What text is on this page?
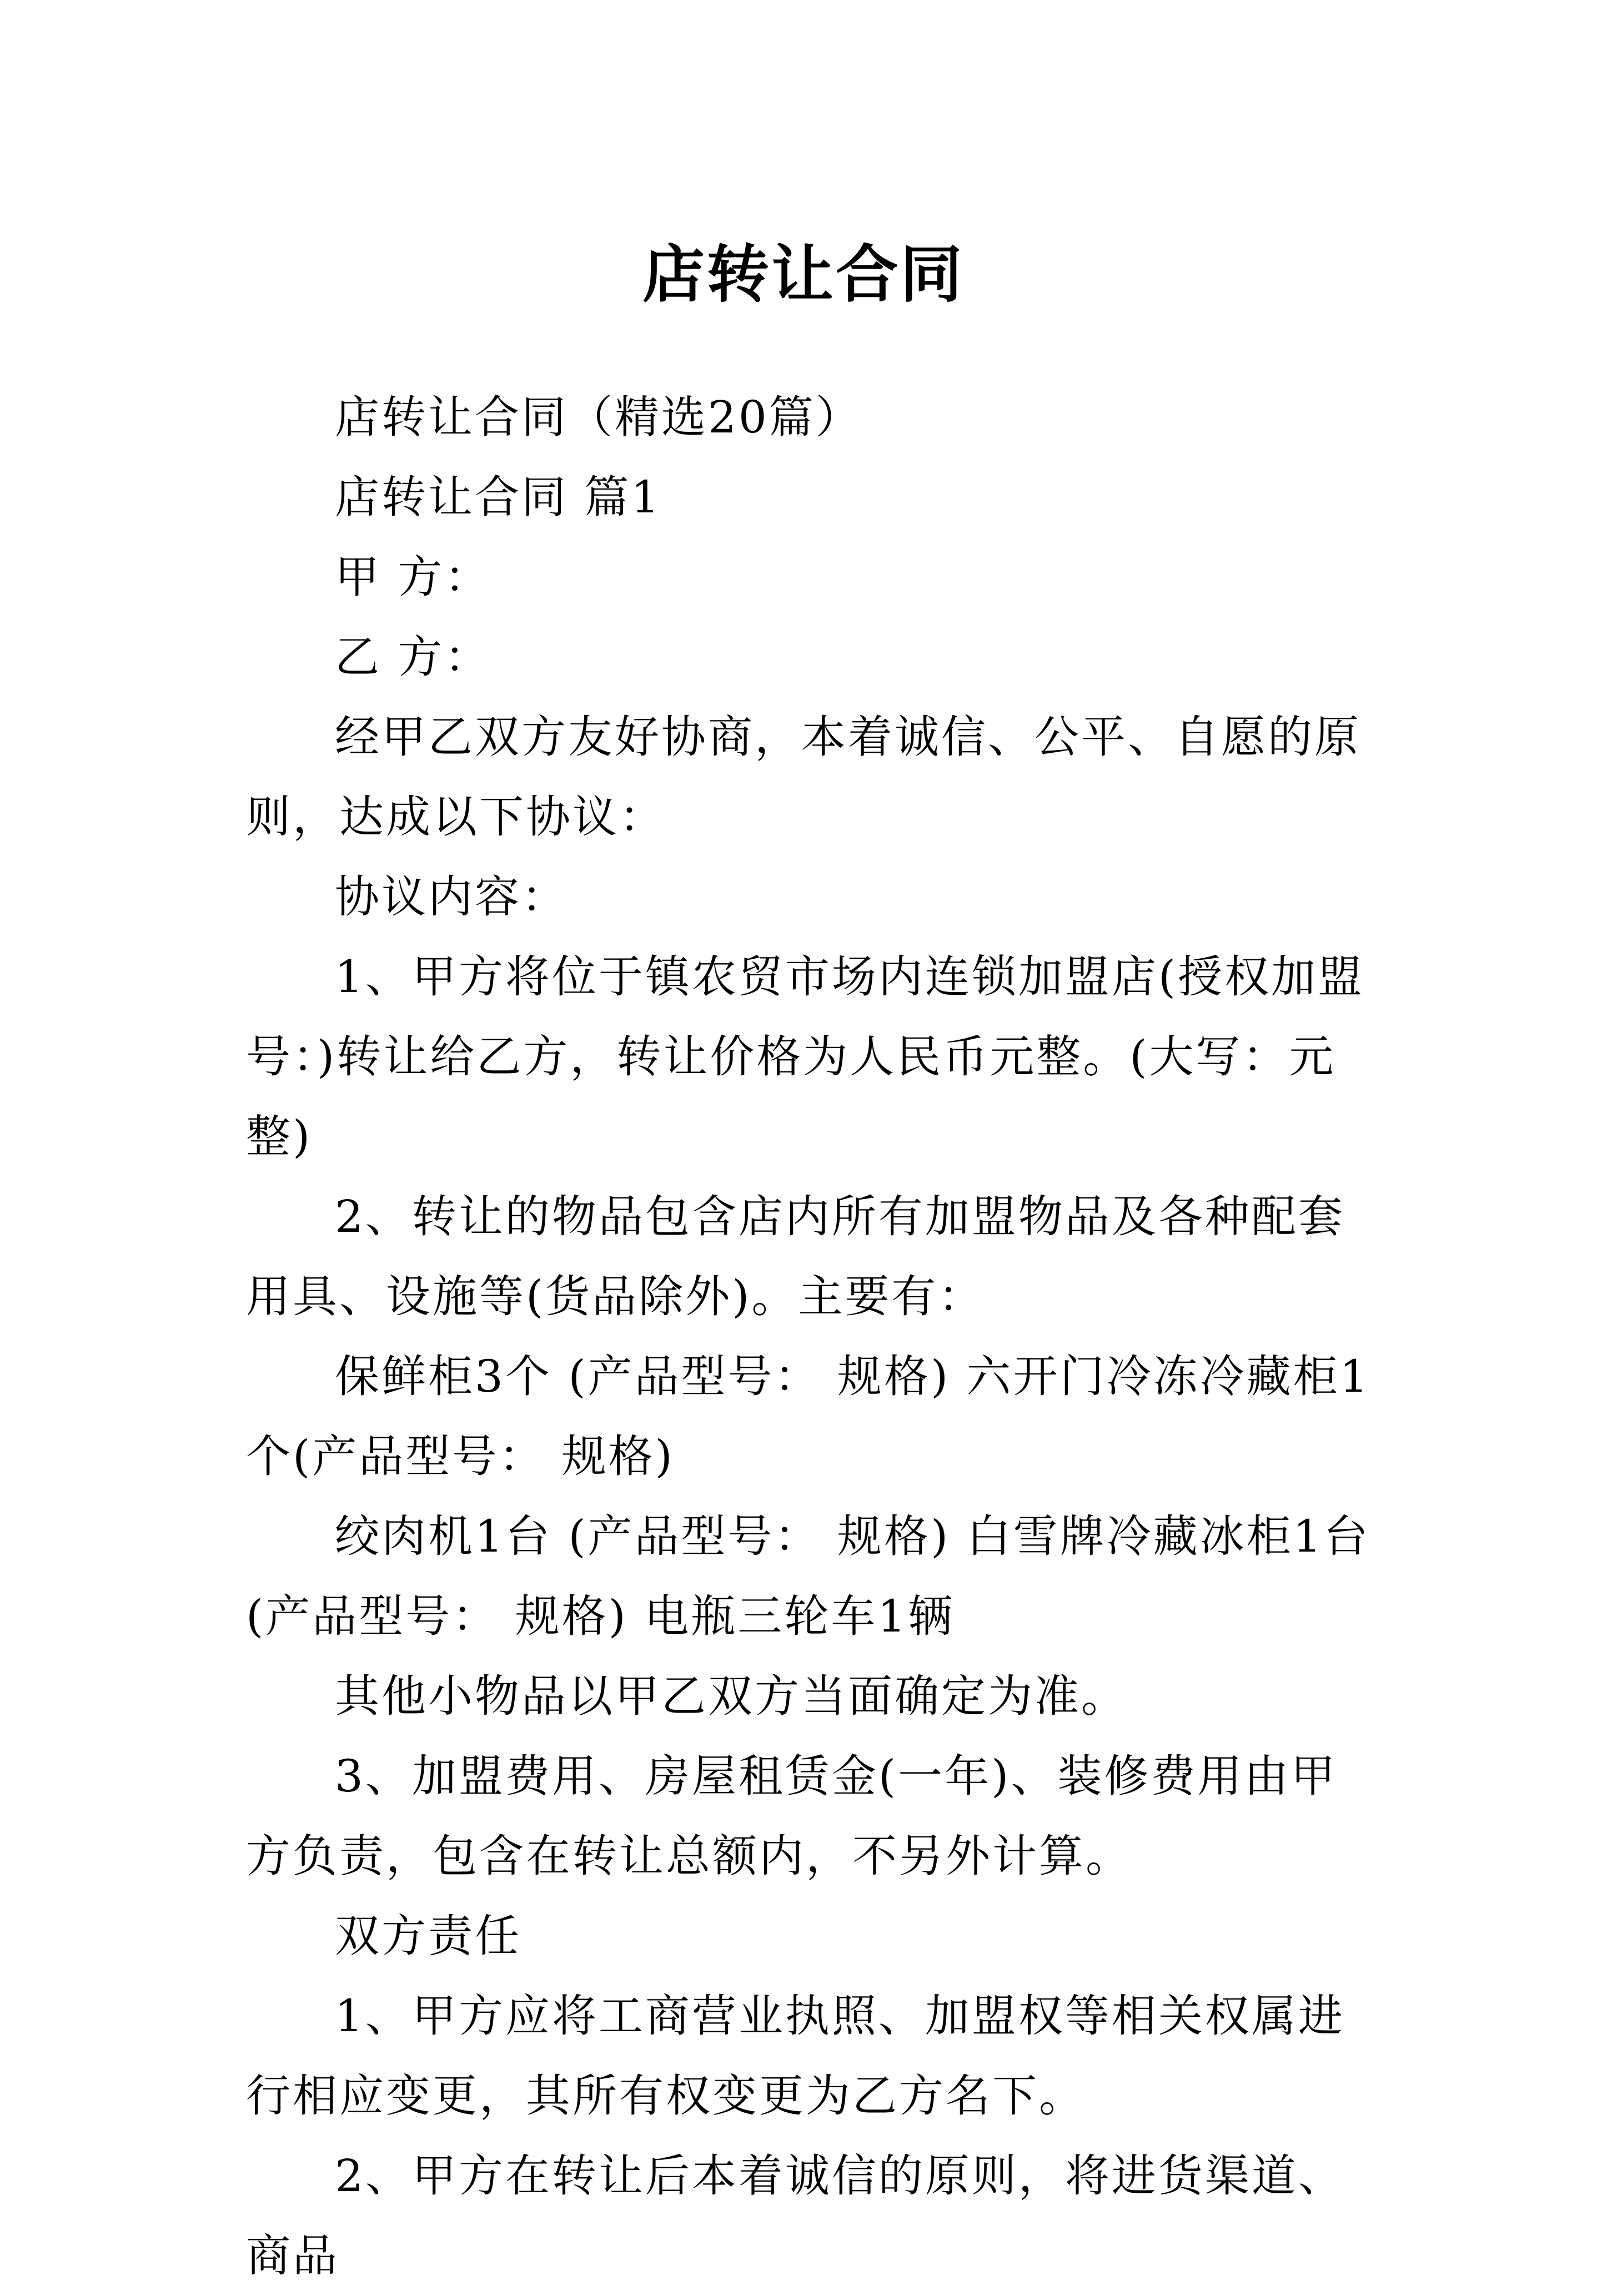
店转让合同

店转让合同（精选20篇）

店转让合同 篇1

甲 方：

乙 方：

经甲乙双方友好协商，本着诚信、公平、自愿的原则，达成以下协议：

协议内容：

1、甲方将位于镇农贸市场内连锁加盟店(授权加盟号：)转让给乙方，转让价格为人民币元整。(大写：元整)

2、转让的物品包含店内所有加盟物品及各种配套用具、设施等(货品除外)。主要有：

保鲜柜3个 (产品型号： 规格) 六开门冷冻冷藏柜1个(产品型号： 规格)

绞肉机1台 (产品型号： 规格) 白雪牌冷藏冰柜1台(产品型号： 规格) 电瓶三轮车1辆

其他小物品以甲乙双方当面确定为准。

3、加盟费用、房屋租赁金(一年)、装修费用由甲方负责，包含在转让总额内，不另外计算。

双方责任

1、甲方应将工商营业执照、加盟权等相关权属进行相应变更，其所有权变更为乙方名下。

2、甲方在转让后本着诚信的原则，将进货渠道、商品
